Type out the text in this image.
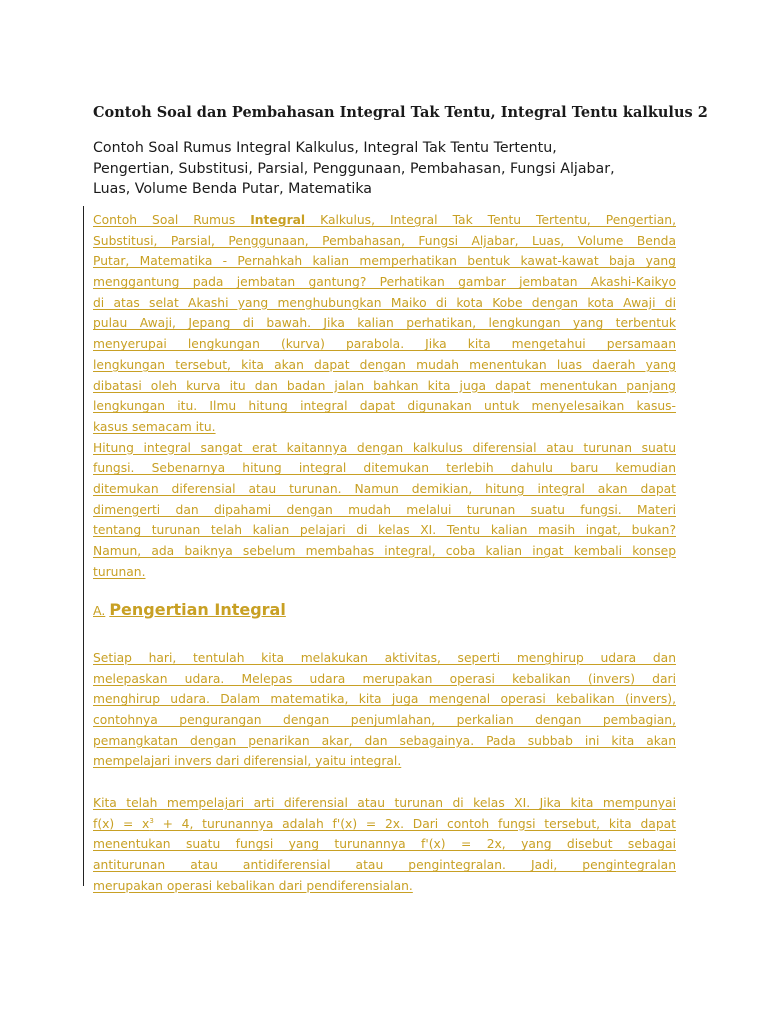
Contoh Soal dan Pembahasan Integral Tak Tentu, Integral Tentu kalkulus 2
Contoh Soal Rumus Integral Kalkulus, Integral Tak Tentu Tertentu,
Pengertian, Substitusi, Parsial, Penggunaan, Pembahasan, Fungsi Aljabar,
Luas, Volume Benda Putar, Matematika
Contoh Soal Rumus Integral Kalkulus, Integral Tak Tentu Tertentu, Pengertian,
Substitusi, Parsial, Penggunaan, Pembahasan, Fungsi Aljabar, Luas, Volume Benda
Putar, Matematika - Pernahkah kalian memperhatikan bentuk kawat-kawat baja yang
menggantung pada jembatan gantung? Perhatikan gambar jembatan Akashi-Kaikyo
di atas selat Akashi yang menghubungkan Maiko di kota Kobe dengan kota Awaji di
pulau Awaji, Jepang di bawah. Jika kalian perhatikan, lengkungan yang terbentuk
menyerupai lengkungan (kurva) parabola. Jika kita mengetahui persamaan
lengkungan tersebut, kita akan dapat dengan mudah menentukan luas daerah yang
dibatasi oleh kurva itu dan badan jalan bahkan kita juga dapat menentukan panjang
lengkungan itu. Ilmu hitung integral dapat digunakan untuk menyelesaikan kasus-
kasus semacam itu.
Hitung integral sangat erat kaitannya dengan kalkulus diferensial atau turunan suatu
fungsi. Sebenarnya hitung integral ditemukan terlebih dahulu baru kemudian
ditemukan diferensial atau turunan. Namun demikian, hitung integral akan dapat
dimengerti dan dipahami dengan mudah melalui turunan suatu fungsi. Materi
tentang turunan telah kalian pelajari di kelas XI. Tentu kalian masih ingat, bukan?
Namun, ada baiknya sebelum membahas integral, coba kalian ingat kembali konsep
turunan.
A. Pengertian Integral
Setiap hari, tentulah kita melakukan aktivitas, seperti menghirup udara dan
melepaskan udara. Melepas udara merupakan operasi kebalikan (invers) dari
menghirup udara. Dalam matematika, kita juga mengenal operasi kebalikan (invers),
contohnya pengurangan dengan penjumlahan, perkalian dengan pembagian,
pemangkatan dengan penarikan akar, dan sebagainya. Pada subbab ini kita akan
mempelajari invers dari diferensial, yaitu integral.
Kita telah mempelajari arti diferensial atau turunan di kelas XI. Jika kita mempunyai
$f(x) = x^3 + 4$, turunannya adalah f'(x) = 2x. Dari contoh fungsi tersebut, kita dapat
menentukan suatu fungsi yang turunannya f'(x) = 2x, yang disebut sebagai
antiturunan atau antidiferensial atau pengintegralan. Jadi, pengintegralan
merupakan operasi kebalikan dari pendiferensialan.
